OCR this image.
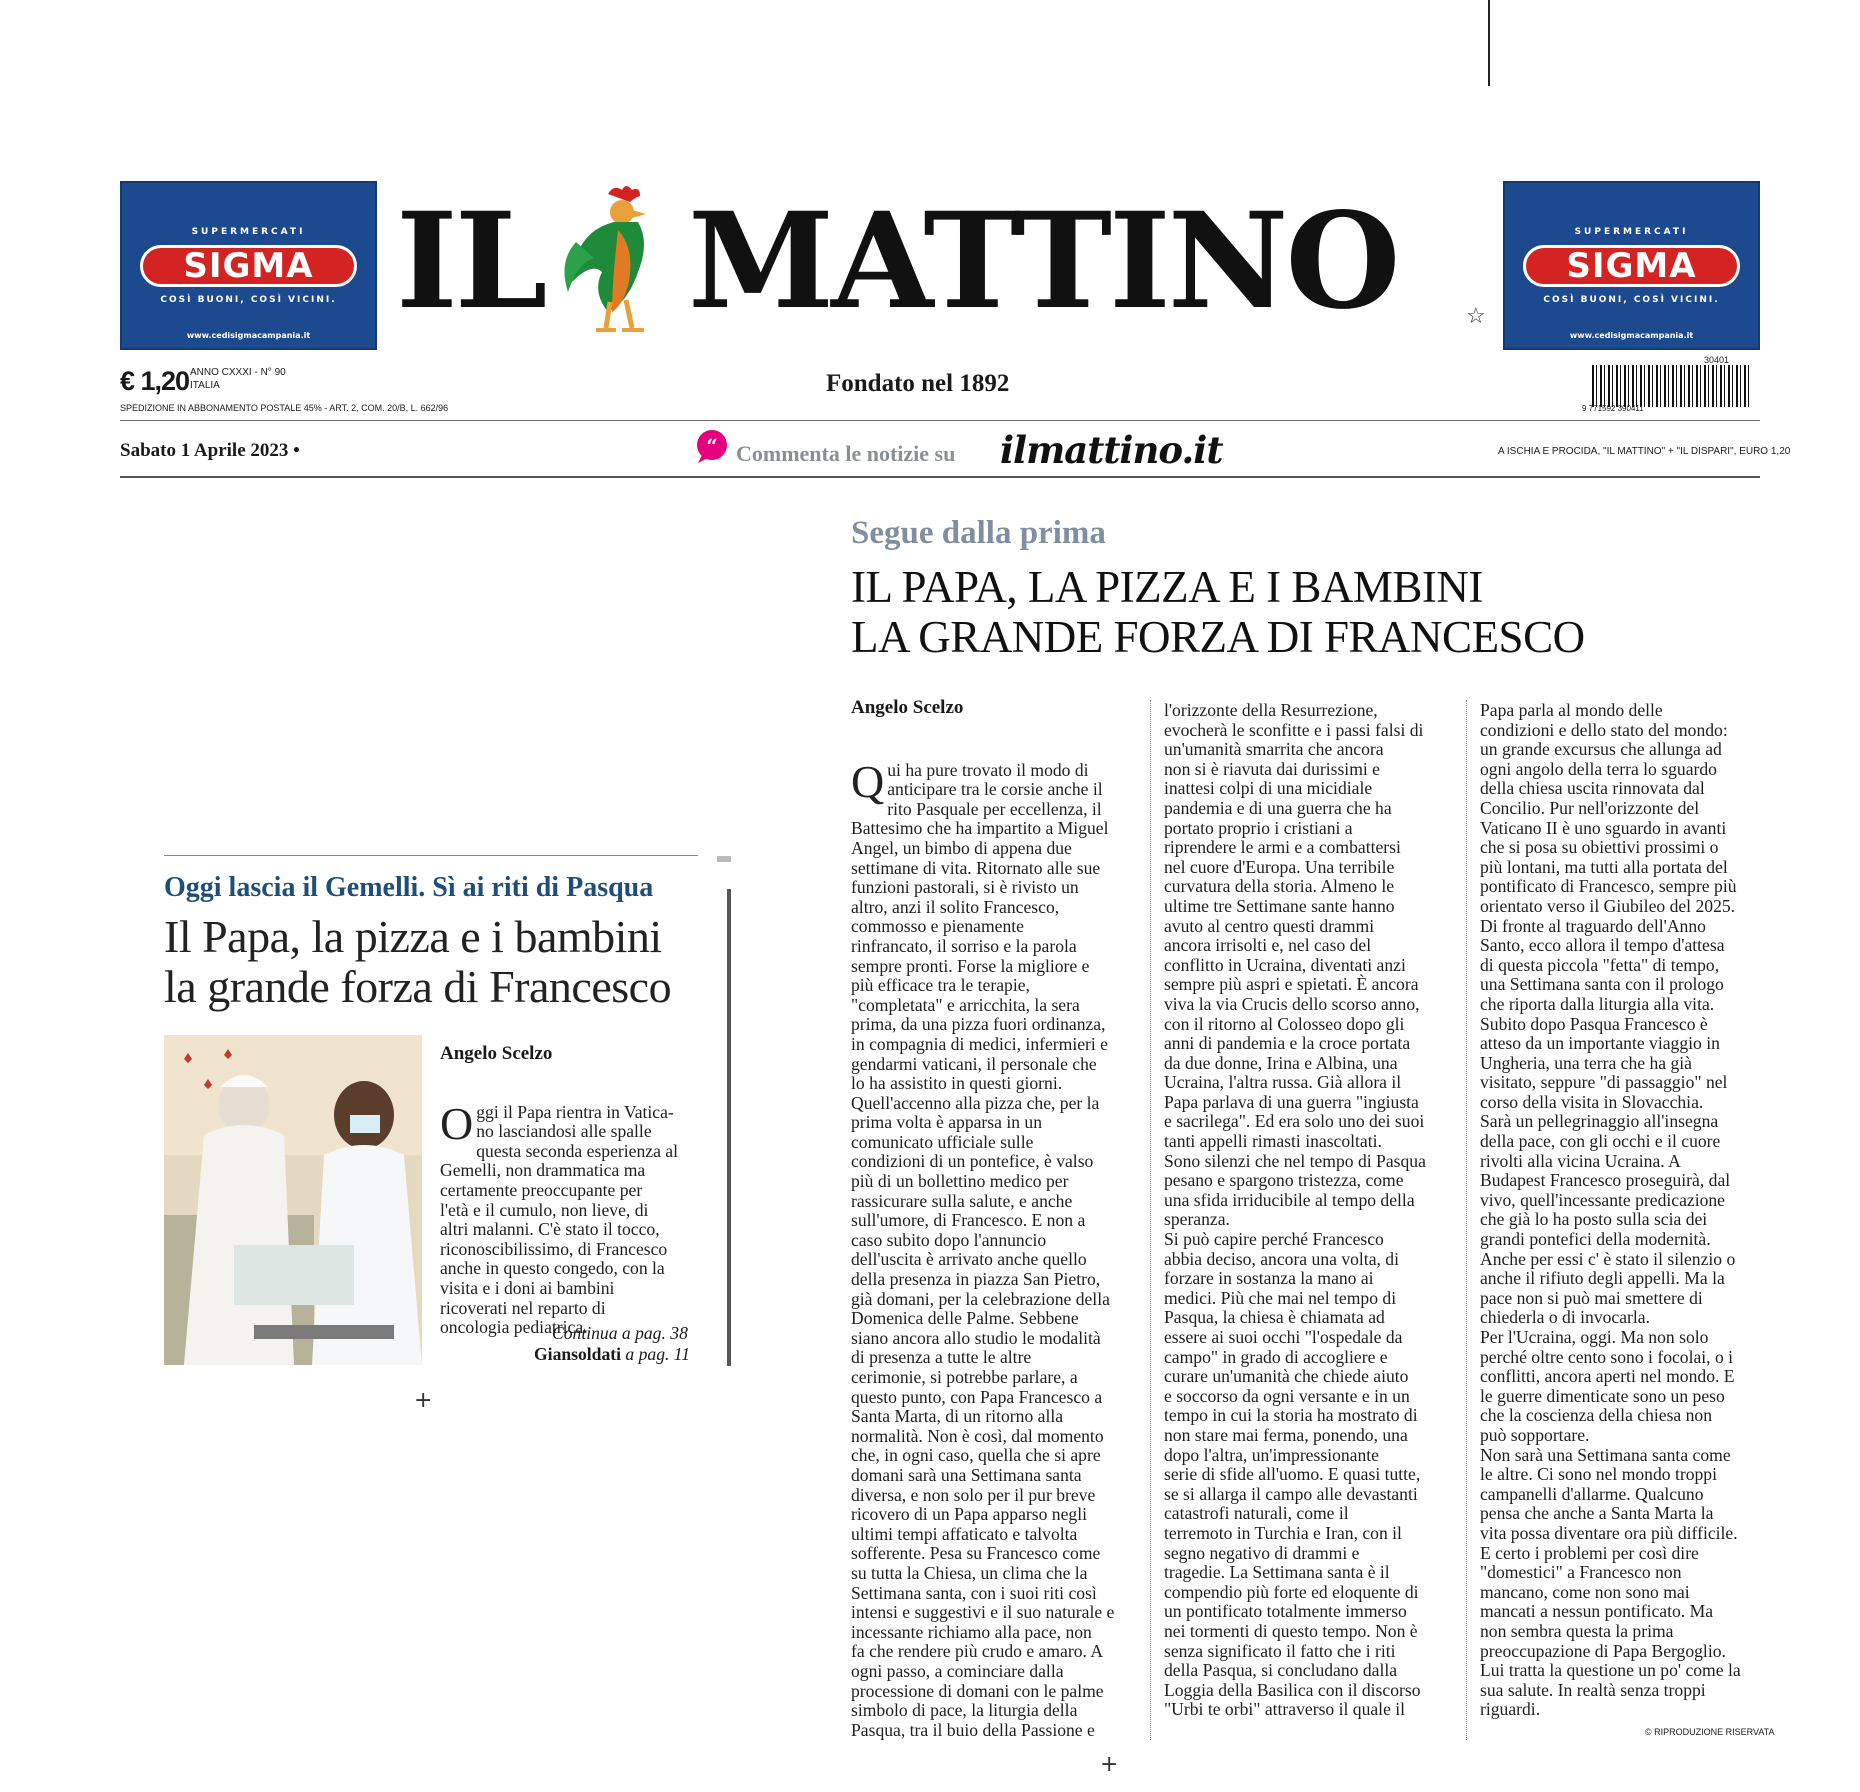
SUPERMERCATI
SIGMA
COSÌ BUONI, COSÌ VICINI.
www.cedisigmacampania.it
SUPERMERCATI
SIGMA
COSÌ BUONI, COSÌ VICINI.
www.cedisigmacampania.it
IL MATTINO	☆
€ 1,20 ANNO CXXXI - N° 90
ITALIA
SPEDIZIONE IN ABBONAMENTO POSTALE 45% - ART. 2, COM. 20/B, L. 662/96
Fondato nel 1892
30401
9 771592 390411
Sabato 1 Aprile 2023 •	“ Commenta le notizie su ilmattino.it	A ISCHIA E PROCIDA, "IL MATTINO" + "IL DISPARI", EURO 1,20
Segue dalla prima
IL PAPA, LA PIZZA E I BAMBINI
LA GRANDE FORZA DI FRANCESCO
Angelo Scelzo

Qui ha pure trovato il modo di
anticipare tra le corsie anche il
rito Pasquale per eccellenza, il
Battesimo che ha impartito a Miguel
Angel, un bimbo di appena due
settimane di vita. Ritornato alle sue
funzioni pastorali, si è rivisto un
altro, anzi il solito Francesco,
commosso e pienamente
rinfrancato, il sorriso e la parola
sempre pronti. Forse la migliore e
più efficace tra le terapie,
"completata" e arricchita, la sera
prima, da una pizza fuori ordinanza,
in compagnia di medici, infermieri e
gendarmi vaticani, il personale che
lo ha assistito in questi giorni.
Quell'accenno alla pizza che, per la
prima volta è apparsa in un
comunicato ufficiale sulle
condizioni di un pontefice, è valso
più di un bollettino medico per
rassicurare sulla salute, e anche
sull'umore, di Francesco. E non a
caso subito dopo l'annuncio
dell'uscita è arrivato anche quello
della presenza in piazza San Pietro,
già domani, per la celebrazione della
Domenica delle Palme. Sebbene
siano ancora allo studio le modalità
di presenza a tutte le altre
cerimonie, si potrebbe parlare, a
questo punto, con Papa Francesco a
Santa Marta, di un ritorno alla
normalità. Non è così, dal momento
che, in ogni caso, quella che si apre
domani sarà una Settimana santa
diversa, e non solo per il pur breve
ricovero di un Papa apparso negli
ultimi tempi affaticato e talvolta
sofferente. Pesa su Francesco come
su tutta la Chiesa, un clima che la
Settimana santa, con i suoi riti così
intensi e suggestivi e il suo naturale e
incessante richiamo alla pace, non
fa che rendere più crudo e amaro. A
ogni passo, a cominciare dalla
processione di domani con le palme
simbolo di pace, la liturgia della
Pasqua, tra il buio della Passione e

l'orizzonte della Resurrezione,
evocherà le sconfitte e i passi falsi di
un'umanità smarrita che ancora
non si è riavuta dai durissimi e
inattesi colpi di una micidiale
pandemia e di una guerra che ha
portato proprio i cristiani a
riprendere le armi e a combattersi
nel cuore d'Europa. Una terribile
curvatura della storia. Almeno le
ultime tre Settimane sante hanno
avuto al centro questi drammi
ancora irrisolti e, nel caso del
conflitto in Ucraina, diventati anzi
sempre più aspri e spietati. È ancora
viva la via Crucis dello scorso anno,
con il ritorno al Colosseo dopo gli
anni di pandemia e la croce portata
da due donne, Irina e Albina, una
Ucraina, l'altra russa. Già allora il
Papa parlava di una guerra "ingiusta
e sacrilega". Ed era solo uno dei suoi
tanti appelli rimasti inascoltati.
Sono silenzi che nel tempo di Pasqua
pesano e spargono tristezza, come
una sfida irriducibile al tempo della
speranza.
Si può capire perché Francesco
abbia deciso, ancora una volta, di
forzare in sostanza la mano ai
medici. Più che mai nel tempo di
Pasqua, la chiesa è chiamata ad
essere ai suoi occhi "l'ospedale da
campo" in grado di accogliere e
curare un'umanità che chiede aiuto
e soccorso da ogni versante e in un
tempo in cui la storia ha mostrato di
non stare mai ferma, ponendo, una
dopo l'altra, un'impressionante
serie di sfide all'uomo. E quasi tutte,
se si allarga il campo alle devastanti
catastrofi naturali, come il
terremoto in Turchia e Iran, con il
segno negativo di drammi e
tragedie. La Settimana santa è il
compendio più forte ed eloquente di
un pontificato totalmente immerso
nei tormenti di questo tempo. Non è
senza significato il fatto che i riti
della Pasqua, si concludano dalla
Loggia della Basilica con il discorso
"Urbi te orbi" attraverso il quale il
Papa parla al mondo delle
condizioni e dello stato del mondo:
un grande excursus che allunga ad
ogni angolo della terra lo sguardo
della chiesa uscita rinnovata dal
Concilio. Pur nell'orizzonte del
Vaticano II è uno sguardo in avanti
che si posa su obiettivi prossimi o
più lontani, ma tutti alla portata del
pontificato di Francesco, sempre più
orientato verso il Giubileo del 2025.
Di fronte al traguardo dell'Anno
Santo, ecco allora il tempo d'attesa
di questa piccola "fetta" di tempo,
una Settimana santa con il prologo
che riporta dalla liturgia alla vita.
Subito dopo Pasqua Francesco è
atteso da un importante viaggio in
Ungheria, una terra che ha già
visitato, seppure "di passaggio" nel
corso della visita in Slovacchia.
Sarà un pellegrinaggio all'insegna
della pace, con gli occhi e il cuore
rivolti alla vicina Ucraina. A
Budapest Francesco proseguirà, dal
vivo, quell'incessante predicazione
che già lo ha posto sulla scia dei
grandi pontefici della modernità.
Anche per essi c' è stato il silenzio o
anche il rifiuto degli appelli. Ma la
pace non si può mai smettere di
chiederla o di invocarla.
Per l'Ucraina, oggi. Ma non solo
perché oltre cento sono i focolai, o i
conflitti, ancora aperti nel mondo. E
le guerre dimenticate sono un peso
che la coscienza della chiesa non
può sopportare.
Non sarà una Settimana santa come
le altre. Ci sono nel mondo troppi
campanelli d'allarme. Qualcuno
pensa che anche a Santa Marta la
vita possa diventare ora più difficile.
E certo i problemi per così dire
"domestici" a Francesco non
mancano, come non sono mai
mancati a nessun pontificato. Ma
non sembra questa la prima
preoccupazione di Papa Bergoglio.
Lui tratta la questione un po' come la
sua salute. In realtà senza troppi
riguardi.
© RIPRODUZIONE RISERVATA
Oggi lascia il Gemelli. Sì ai riti di Pasqua
Il Papa, la pizza e i bambini
la grande forza di Francesco
Angelo Scelzo

Oggi il Papa rientra in Vatica-
no lasciandosi alle spalle
questa seconda esperienza al
Gemelli, non drammatica ma
certamente preoccupante per
l'età e il cumulo, non lieve, di
altri malanni. C'è stato il tocco,
riconoscibilissimo, di Francesco
anche in questo congedo, con la
visita e i doni ai bambini
ricoverati nel reparto di
oncologia pediatrica.

Continua a pag. 38
Giansoldati a pag. 11
+
+
